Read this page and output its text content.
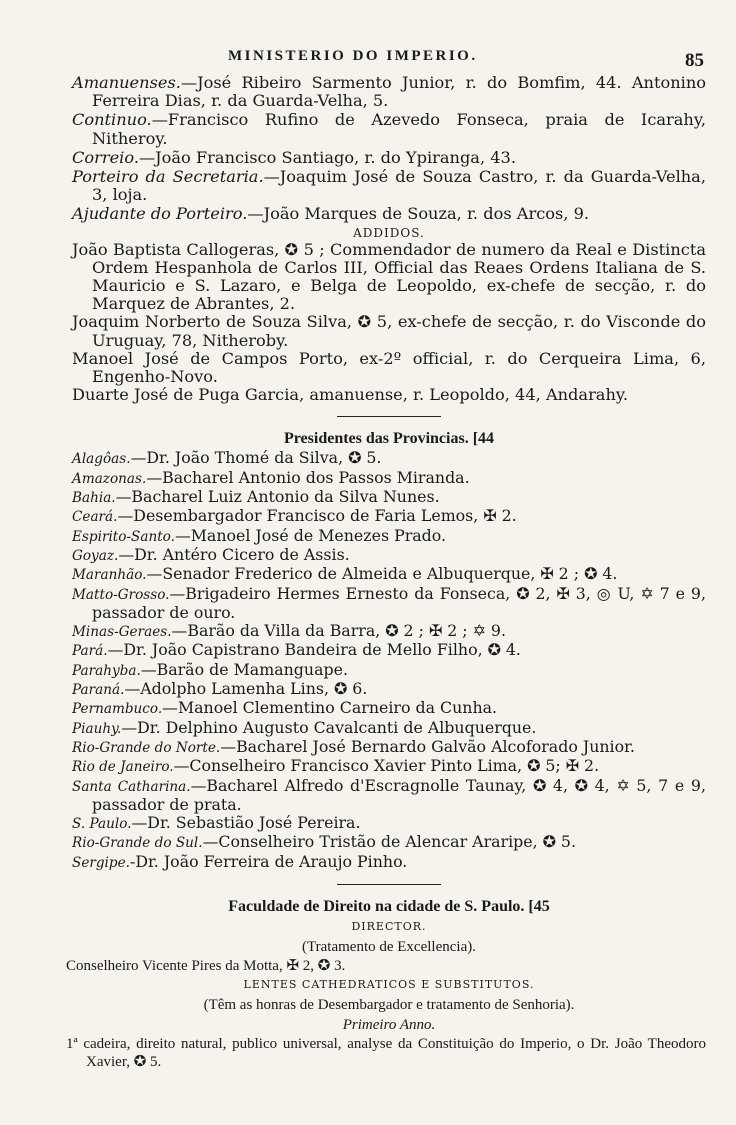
MINISTERIO DO IMPERIO.	85
Amanuenses.—José Ribeiro Sarmento Junior, r. do Bomfim, 44. Antonino Ferreira Dias, r. da Guarda-Velha, 5.
Continuo.—Francisco Rufino de Azevedo Fonseca, praia de Icarahy, Nitheroy.
Correio.—João Francisco Santiago, r. do Ypiranga, 43.
Porteiro da Secretaria.—Joaquim José de Souza Castro, r. da Guarda-Velha, 3, loja.
Ajudante do Porteiro.—João Marques de Souza, r. dos Arcos, 9.
ADDIDOS.
João Baptista Callogeras, ✪ 5 ; Commendador de numero da Real e Distincta Ordem Hespanhola de Carlos III, Official das Reaes Ordens Italiana de S. Mauricio e S. Lazaro, e Belga de Leopoldo, ex-chefe de secção, r. do Marquez de Abrantes, 2.
Joaquim Norberto de Souza Silva, ✪ 5, ex-chefe de secção, r. do Visconde do Uruguay, 78, Nitheroby.
Manoel José de Campos Porto, ex-2º official, r. do Cerqueira Lima, 6, Engenho-Novo.
Duarte José de Puga Garcia, amanuense, r. Leopoldo, 44, Andarahy.
Presidentes das Provincias. [44
Alagôas.—Dr. João Thomé da Silva, ✪ 5.
Amazonas.—Bacharel Antonio dos Passos Miranda.
Bahia.—Bacharel Luiz Antonio da Silva Nunes.
Ceará.—Desembargador Francisco de Faria Lemos, ✠ 2.
Espirito-Santo.—Manoel José de Menezes Prado.
Goyaz.—Dr. Antéro Cicero de Assis.
Maranhão.—Senador Frederico de Almeida e Albuquerque, ✠ 2 ; ✪ 4.
Matto-Grosso.—Brigadeiro Hermes Ernesto da Fonseca, ✪ 2, ✠ 3, ◎ U, ✡ 7 e 9, passador de ouro.
Minas-Geraes.—Barão da Villa da Barra, ✪ 2 ; ✠ 2 ; ✡ 9.
Pará.—Dr. João Capistrano Bandeira de Mello Filho, ✪ 4.
Parahyba.—Barão de Mamanguape.
Paraná.—Adolpho Lamenha Lins, ✪ 6.
Pernambuco.—Manoel Clementino Carneiro da Cunha.
Piauhy.—Dr. Delphino Augusto Cavalcanti de Albuquerque.
Rio-Grande do Norte.—Bacharel José Bernardo Galvão Alcoforado Junior.
Rio de Janeiro.—Conselheiro Francisco Xavier Pinto Lima, ✪ 5; ✠ 2.
Santa Catharina.—Bacharel Alfredo d'Escragnolle Taunay, ✪ 4, ✪ 4, ✡ 5, 7 e 9, passador de prata.
S. Paulo.—Dr. Sebastião José Pereira.
Rio-Grande do Sul.—Conselheiro Tristão de Alencar Araripe, ✪ 5.
Sergipe.-Dr. João Ferreira de Araujo Pinho.
Faculdade de Direito na cidade de S. Paulo. [45
DIRECTOR.
(Tratamento de Excellencia).
Conselheiro Vicente Pires da Motta, ✠ 2, ✪ 3.
LENTES CATHEDRATICOS E SUBSTITUTOS.
(Têm as honras de Desembargador e tratamento de Senhoria).
Primeiro Anno.
1ª cadeira, direito natural, publico universal, analyse da Constituição do Imperio, o Dr. João Theodoro Xavier, ✪ 5.
